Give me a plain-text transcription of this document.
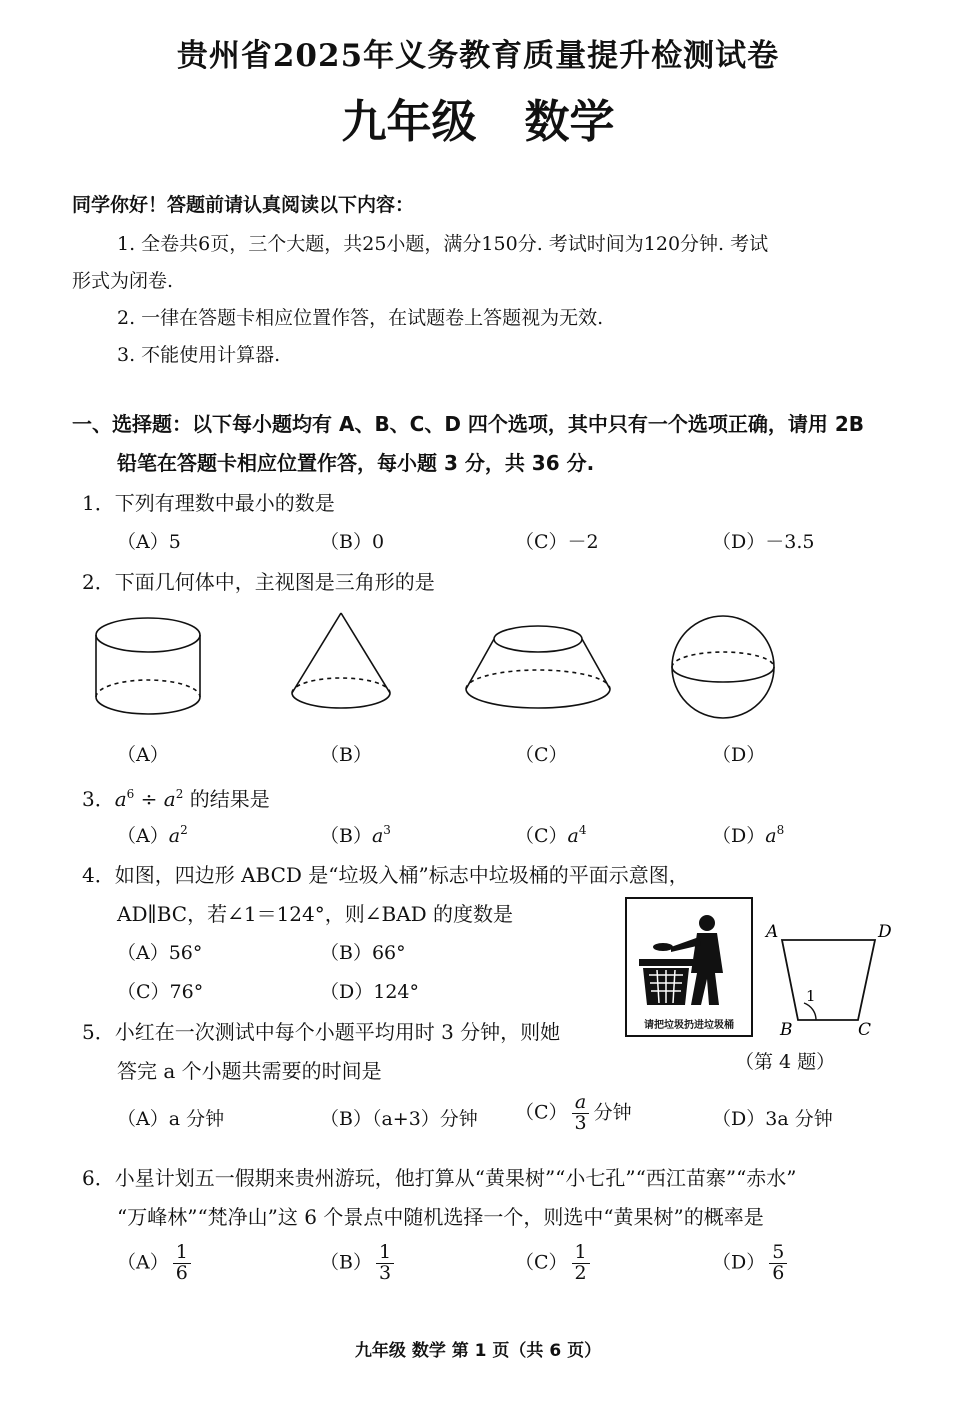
贵州省2025年义务教育质量提升检测试卷
九年级 数学
同学你好！答题前请认真阅读以下内容：
1. 全卷共6页，三个大题，共25小题，满分150分. 考试时间为120分钟. 考试
形式为闭卷.
2. 一律在答题卡相应位置作答，在试题卷上答题视为无效.
3. 不能使用计算器.
一、选择题：以下每小题均有 A、B、C、D 四个选项，其中只有一个选项正确，请用 2B
铅笔在答题卡相应位置作答，每小题 3 分，共 36 分.
1．下列有理数中最小的数是
（A）5	（B）0	（C）－2	（D）－3.5
2．下面几何体中，主视图是三角形的是
（A）	（B）	（C）	（D）
3．$a^6 \div a^2$ 的结果是
$(A)a^2$	$(B)a^3$	$(C)a^4$	$(D)a^8$
4．如图，四边形 ABCD 是“垃圾入桶”标志中垃圾桶的平面示意图，
AD∥BC，若∠1＝124°，则∠BAD 的度数是
（A）56°	（B）66°
（C）76°	（D）124°
请把垃圾扔进垃圾桶
A	D
B	C
1
（第 4 题）
5．小红在一次测试中每个小题平均用时 3 分钟，则她
答完 a 个小题共需要的时间是
（A）a 分钟	（B）（a+3）分钟 $(C) \frac{a}{3}$ 分钟	（D）3a 分钟
6．小星计划五一假期来贵州游玩，他打算从“黄果树”“小七孔”“西江苗寨”“赤水”
“万峰林”“梵净山”这 6 个景点中随机选择一个，则选中“黄果树”的概率是
$(A) \frac{1}{6}$	$(B) \frac{1}{3}$	$(C) \frac{1}{2}$	$(D) \frac{5}{6}$
九年级 数学 第 1 页（共 6 页）
